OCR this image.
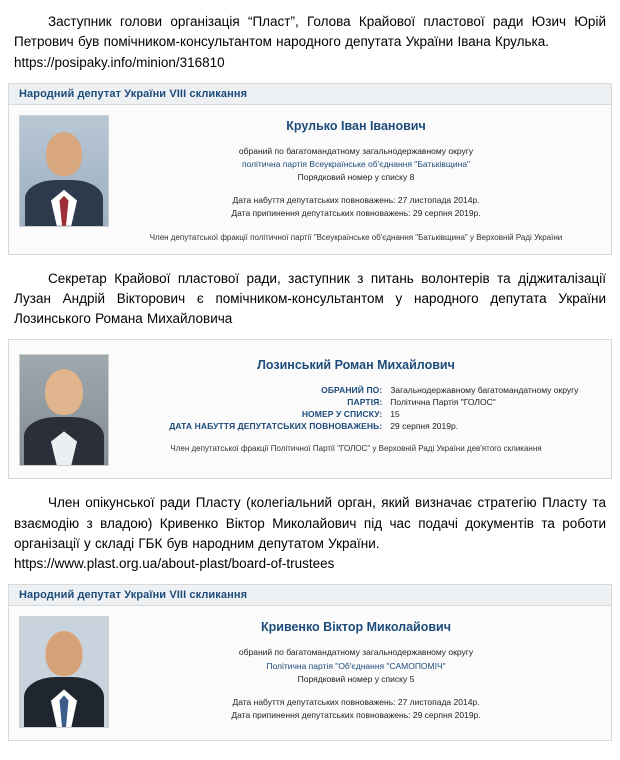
Заступник голови організація “Пласт”, Голова Крайової пластової ради Юзич Юрій Петрович був помічником-консультантом народного депутата України Івана Крулька.

https://posipaky.info/minion/316810

Народний депутат України VIII скликання
Крулько Іван Іванович
обраний по багатомандатному загальнодержавному округу
політична партія Всеукраїнське об'єднання "Батьківщина"
Порядковий номер у списку 8
Дата набуття депутатських повноважень: 27 листопада 2014р.
Дата припинення депутатських повноважень: 29 серпня 2019р.
Член депутатської фракції політичної партії "Всеукраїнське об'єднання "Батьківщина" у Верховній Раді України

Секретар Крайової пластової ради, заступник з питань волонтерів та діджиталізації Лузан Андрій Вікторович є помічником-консультантом у народного депутата України Лозинського Романа Михайловича

Лозинський Роман Михайлович
ОБРАНИЙ ПО:	Загальнодержавному багатомандатному округу
ПАРТІЯ:	Політична Партія "ГОЛОС"
НОМЕР У СПИСКУ:	15
ДАТА НАБУТТЯ ДЕПУТАТСЬКИХ ПОВНОВАЖЕНЬ:	29 серпня 2019р.
Член депутатської фракції Політичної Партії "ГОЛОС" у Верховній Раді України дев'ятого скликання

Член опікунської ради Пласту (колегіальний орган, який визначає стратегію Пласту та взаємодію з владою) Кривенко Віктор Миколайович під час подачі документів та роботи організації у складі ГБК був народним депутатом України.

https://www.plast.org.ua/about-plast/board-of-trustees

Народний депутат України VIII скликання
Кривенко Віктор Миколайович
обраний по багатомандатному загальнодержавному округу
Політична партія "Об'єднання "САМОПОМІЧ"
Порядковий номер у списку 5
Дата набуття депутатських повноважень: 27 листопада 2014р.
Дата припинення депутатських повноважень: 29 серпня 2019р.
